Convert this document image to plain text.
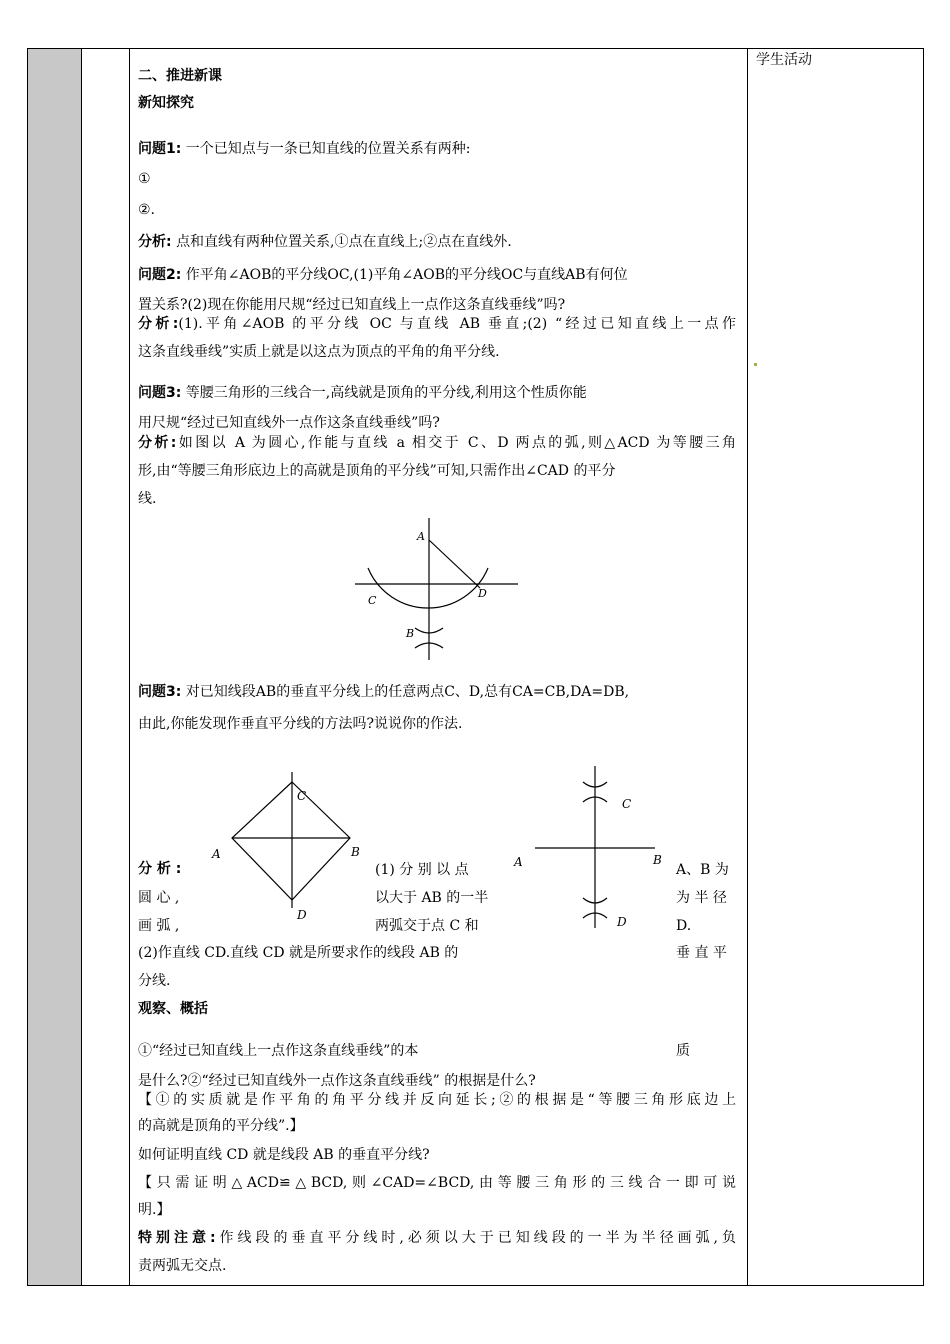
学生活动
二、推进新课
新知探究
问题1: 一个已知点与一条已知直线的位置关系有两种:
①
②.
分析: 点和直线有两种位置关系,①点在直线上;②点在直线外.
问题2: 作平角∠AOB的平分线OC,(1)平角∠AOB的平分线OC与直线AB有何位
置关系?(2)现在你能用尺规“经过已知直线上一点作这条直线垂线”吗?
分析:(1).平角∠AOB 的平分线 OC 与直线 AB 垂直;(2) “经过已知直线上一点作
这条直线垂线”实质上就是以这点为顶点的平角的角平分线.
问题3: 等腰三角形的三线合一,高线就是顶角的平分线,利用这个性质你能
用尺规“经过已知直线外一点作这条直线垂线”吗?
分析:如图以 A 为圆心,作能与直线 a 相交于 C、D 两点的弧,则△ACD 为等腰三角
形,由“等腰三角形底边上的高就是顶角的平分线”可知,只需作出∠CAD 的平分
线.
A
C
D
B
问题3: 对已知线段AB的垂直平分线上的任意两点C、D,总有CA=CB,DA=DB,
由此,你能发现作垂直平分线的方法吗?说说你的作法.
C
A	B
D
C
A	B
D
分 析 :
圆 心 ,
画 弧 ,
(1) 分 别 以 点
以大于 AB 的一半
两弧交于点 C 和
A、B 为
为 半 径
D.
(2)作直线 CD.直线 CD 就是所要求作的线段 AB 的	垂 直 平
分线.
观察、概括
①“经过已知直线上一点作这条直线垂线”的本	质
是什么?②“经过已知直线外一点作这条直线垂线” 的根据是什么?
【①的实质就是作平角的角平分线并反向延长;②的根据是“等腰三角形底边上
的高就是顶角的平分线”.】
如何证明直线 CD 就是线段 AB 的垂直平分线?
【只需证明△ACD≌△BCD,则∠CAD=∠BCD,由等腰三角形的三线合一即可说
明.】
特别注意:作线段的垂直平分线时,必须以大于已知线段的一半为半径画弧,负
责两弧无交点.
